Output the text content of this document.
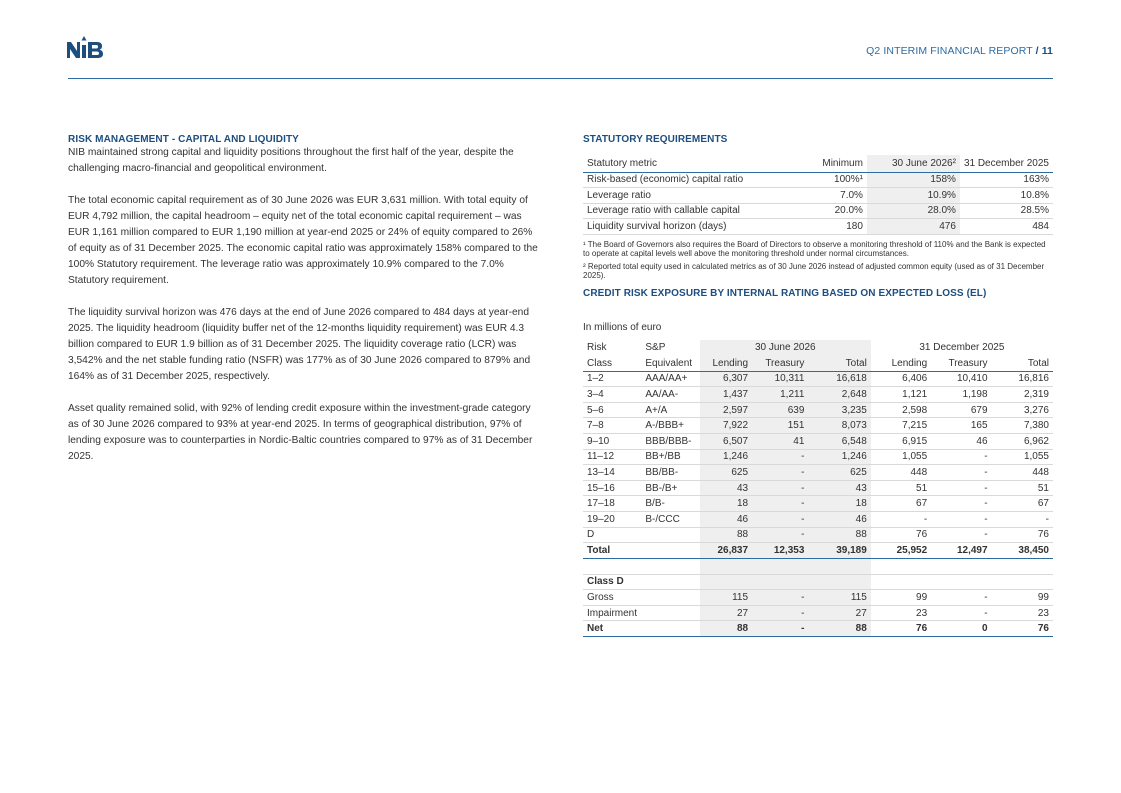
Q2 INTERIM FINANCIAL REPORT / 11
RISK MANAGEMENT - CAPITAL AND LIQUIDITY

NIB maintained strong capital and liquidity positions throughout the first half of the year, despite the challenging macro-financial and geopolitical environment.

The total economic capital requirement as of 30 June 2026 was EUR 3,631 million. With total equity of EUR 4,792 million, the capital headroom – equity net of the total economic capital requirement – was EUR 1,161 million compared to EUR 1,190 million at year-end 2025 or 24% of equity compared to 26% of equity as of 31 December 2025. The economic capital ratio was approximately 158% compared to the 100% Statutory requirement. The leverage ratio was approximately 10.9% compared to the 7.0% Statutory requirement.

The liquidity survival horizon was 476 days at the end of June 2026 compared to 484 days at year-end 2025. The liquidity headroom (liquidity buffer net of the 12-months liquidity requirement) was EUR 4.3 billion compared to EUR 1.9 billion as of 31 December 2025. The liquidity coverage ratio (LCR) was 3,542% and the net stable funding ratio (NSFR) was 177% as of 30 June 2026 compared to 879% and 164% as of 31 December 2025, respectively.

Asset quality remained solid, with 92% of lending credit exposure within the investment-grade category as of 30 June 2026 compared to 93% at year-end 2025. In terms of geographical distribution, 97% of lending exposure was to counterparties in Nordic-Baltic countries compared to 97% as of 31 December 2025.

STATUTORY REQUIREMENTS
Statutory metric	Minimum	30 June 2026²	31 December 2025
Risk-based (economic) capital ratio	100%¹	158%	163%
Leverage ratio	7.0%	10.9%	10.8%
Leverage ratio with callable capital	20.0%	28.0%	28.5%
Liquidity survival horizon (days)	180	476	484
¹ The Board of Governors also requires the Board of Directors to observe a monitoring threshold of 110% and the Bank is expected to operate at capital levels well above the monitoring threshold under normal circumstances.
² Reported total equity used in calculated metrics as of 30 June 2026 instead of adjusted common equity (used as of 31 December 2025).
CREDIT RISK EXPOSURE BY INTERNAL RATING BASED ON EXPECTED LOSS (EL)
In millions of euro
Risk	S&P	30 June 2026			31 December 2025		
Class	Equivalent	Lending	Treasury	Total	Lending	Treasury	Total
1–2	AAA/AA+	6,307	10,311	16,618	6,406	10,410	16,816
3–4	AA/AA-	1,437	1,211	2,648	1,121	1,198	2,319
5–6	A+/A	2,597	639	3,235	2,598	679	3,276
7–8	A-/BBB+	7,922	151	8,073	7,215	165	7,380
9–10	BBB/BBB-	6,507	41	6,548	6,915	46	6,962
11–12	BB+/BB	1,246	-	1,246	1,055	-	1,055
13–14	BB/BB-	625	-	625	448	-	448
15–16	BB-/B+	43	-	43	51	-	51
17–18	B/B-	18	-	18	67	-	67
19–20	B-/CCC	46	-	46	-	-	-
D		88	-	88	76	-	76
Total		26,837	12,353	39,189	25,952	12,497	38,450

Class D							
Gross		115	-	115	99	-	99
Impairment		27	-	27	23	-	23
Net		88	-	88	76	0	76
